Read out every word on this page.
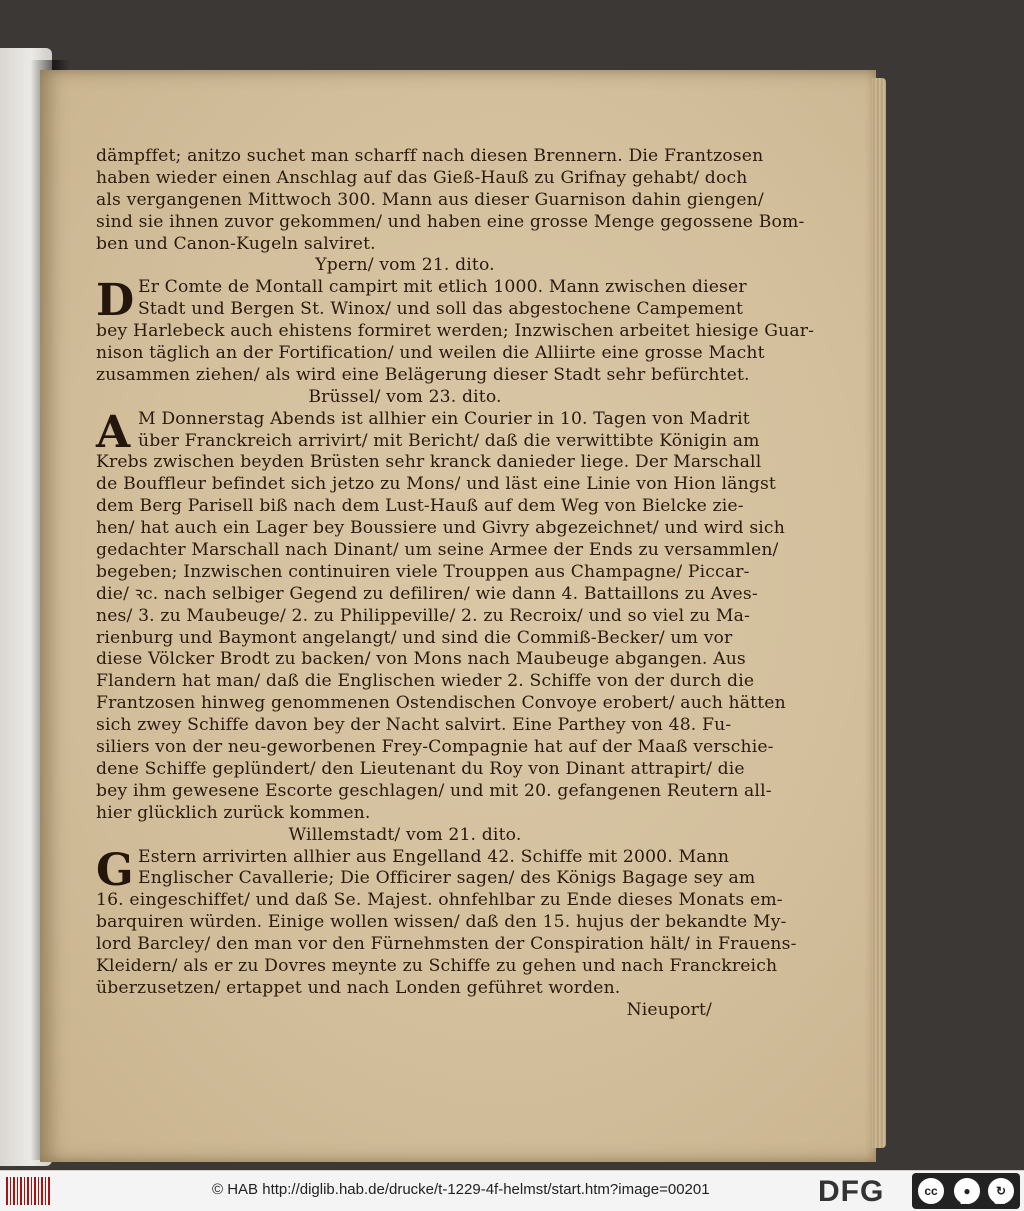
dämpffet; anitzo suchet man scharff nach diesen Brennern. Die Frantzosen
haben wieder einen Anschlag auf das Gieß-Hauß zu Grifnay gehabt/ doch
als vergangenen Mittwoch 300. Mann aus dieser Guarnison dahin giengen/
sind sie ihnen zuvor gekommen/ und haben eine grosse Menge gegossene Bom-
ben und Canon-Kugeln salviret.
Ypern/ vom 21. dito.
D Er Comte de Montall campirt mit etlich 1000. Mann zwischen dieser
Stadt und Bergen St. Winox/ und soll das abgestochene Campement
bey Harlebeck auch ehistens formiret werden; Inzwischen arbeitet hiesige Guar-
nison täglich an der Fortification/ und weilen die Alliirte eine grosse Macht
zusammen ziehen/ als wird eine Belägerung dieser Stadt sehr befürchtet.
Brüssel/ vom 23. dito.
A M Donnerstag Abends ist allhier ein Courier in 10. Tagen von Madrit
über Franckreich arrivirt/ mit Bericht/ daß die verwittibte Königin am
Krebs zwischen beyden Brüsten sehr kranck danieder liege. Der Marschall
de Boufflеur befindet sich jetzo zu Mons/ und läst eine Linie von Hion längst
dem Berg Parisell biß nach dem Lust-Hauß auf dem Weg von Bielcke zie-
hen/ hat auch ein Lager bey Boussiere und Givry abgezeichnet/ und wird sich
gedachter Marschall nach Dinant/ um seine Armee der Ends zu versammlen/
begeben; Inzwischen continuiren viele Trouppen aus Champagne/ Piccar-
die/ ꝛc. nach selbiger Gegend zu defiliren/ wie dann 4. Battaillons zu Aves-
nes/ 3. zu Maubeuge/ 2. zu Philippeville/ 2. zu Recroix/ und so viel zu Ma-
rienburg und Baymont angelangt/ und sind die Commiß-Becker/ um vor
diese Völcker Brodt zu backen/ von Mons nach Maubeuge abgangen. Aus
Flandern hat man/ daß die Englischen wieder 2. Schiffe von der durch die
Frantzosen hinweg genommenen Ostendischen Convoye erobert/ auch hätten
sich zwey Schiffe davon bey der Nacht salvirt. Eine Parthey von 48. Fu-
siliers von der neu-geworbenen Frey-Compagnie hat auf der Maaß verschie-
dene Schiffe geplündert/ den Lieutenant du Roy von Dinant attrapirt/ die
bey ihm gewesene Escorte geschlagen/ und mit 20. gefangenen Reutern all-
hier glücklich zurück kommen.
Willemstadt/ vom 21. dito.
G Estern arrivirten allhier aus Engelland 42. Schiffe mit 2000. Mann
Englischer Cavallerie; Die Officirer sagen/ des Königs Bagage sey am
16. eingeschiffet/ und daß Se. Majest. ohnfehlbar zu Ende dieses Monats em-
barquiren würden. Einige wollen wissen/ daß den 15. hujus der bekandte My-
lord Barcley/ den man vor den Fürnehmsten der Conspiration hält/ in Frauens-
Kleidern/ als er zu Dovres meynte zu Schiffe zu gehen und nach Franckreich
überzusetzen/ ertappet und nach Londen geführet worden.
Nieuport/
© HAB http://diglib.hab.de/drucke/t-1229-4f-helmst/start.htm?image=00201	DFG	cc	●	↻
BY	SA
